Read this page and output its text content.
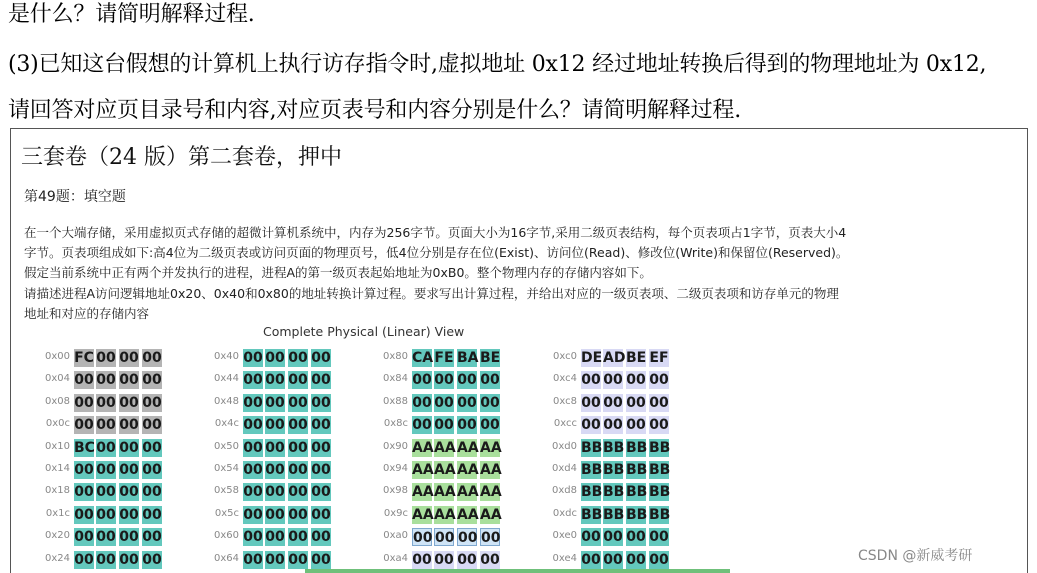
是什么？请简明解释过程.
(3)已知这台假想的计算机上执行访存指令时,虚拟地址 0x12 经过地址转换后得到的物理地址为 0x12,
请回答对应页目录号和内容,对应页表号和内容分别是什么？请简明解释过程.
三套卷（24 版）第二套卷，押中
第49题：填空题
在一个大端存储，采用虚拟页式存储的超微计算机系统中，内存为256字节。页面大小为16字节,采用二级页表结构，每个页表项占1字节，页表大小4
字节。页表项组成如下:高4位为二级页表或访问页面的物理页号，低4位分别是存在位(Exist)、访问位(Read)、修改位(Write)和保留位(Reserved)。
假定当前系统中正有两个并发执行的进程，进程A的第一级页表起始地址为0xB0。整个物理内存的存储内容如下。
请描述进程A访问逻辑地址0x20、0x40和0x80的地址转换计算过程。要求写出计算过程，并给出对应的一级页表项、二级页表项和访存单元的物理
地址和对应的存储内容
Complete Physical (Linear) View
0x00 FC 00 00 00
0x04 00 00 00 00
0x08 00 00 00 00
0x0c 00 00 00 00
0x10 BC 00 00 00
0x14 00 00 00 00
0x18 00 00 00 00
0x1c 00 00 00 00
0x20 00 00 00 00
0x24 00 00 00 00
0x40 00 00 00 00
0x44 00 00 00 00
0x48 00 00 00 00
0x4c 00 00 00 00
0x50 00 00 00 00
0x54 00 00 00 00
0x58 00 00 00 00
0x5c 00 00 00 00
0x60 00 00 00 00
0x64 00 00 00 00
0x80 CA FE BA BE
0x84 00 00 00 00
0x88 00 00 00 00
0x8c 00 00 00 00
0x90 AA AA AA AA
0x94 AA AA AA AA
0x98 AA AA AA AA
0x9c AA AA AA AA
0xa0 00 00 00 00
0xa4 00 00 00 00
0xc0 DE AD BE EF
0xc4 00 00 00 00
0xc8 00 00 00 00
0xcc 00 00 00 00
0xd0 BB BB BB BB
0xd4 BB BB BB BB
0xd8 BB BB BB BB
0xdc BB BB BB BB
0xe0 00 00 00 00
0xe4 00 00 00 00	CSDN @新威考研
